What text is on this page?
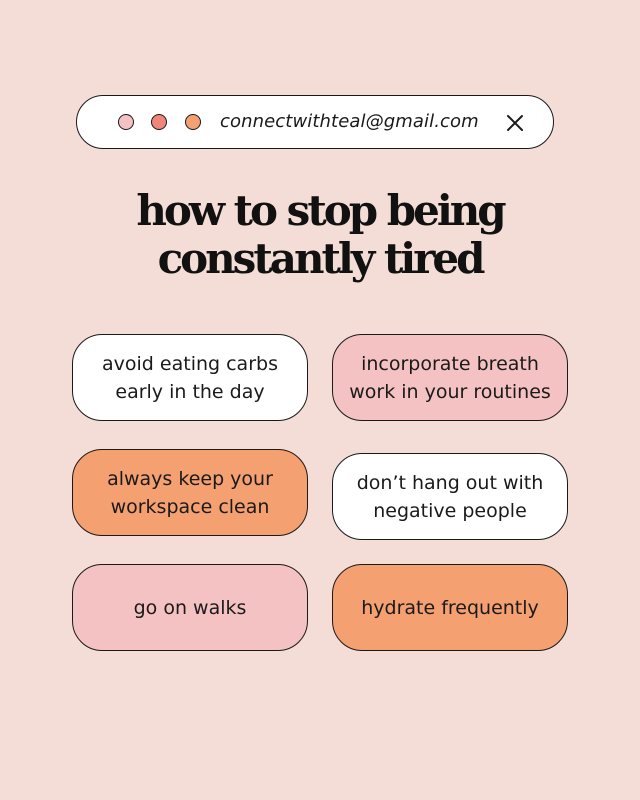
connectwithteal@gmail.com
how to stop being
constantly tired
avoid eating carbs
early in the day
incorporate breath
work in your routines
always keep your
workspace clean
don’t hang out with
negative people
go on walks	hydrate frequently
